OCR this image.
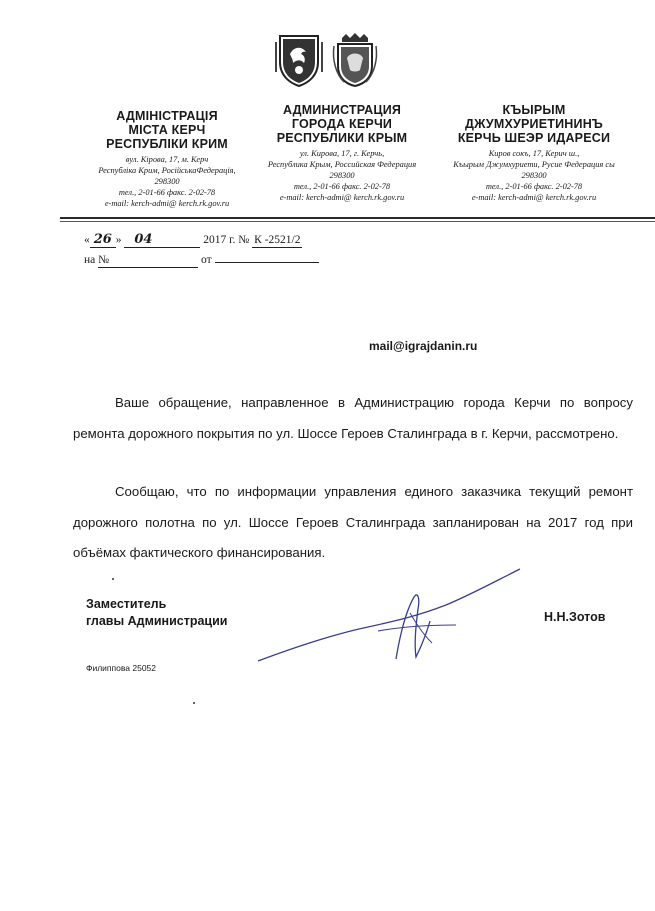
АДМІНІСТРАЦІЯ
МІСТА КЕРЧ
РЕСПУБЛІКИ КРИМ
вул. Кірова, 17, м. Керч
Республіка Крим, РосійськаФедерація,
298300
тел., 2-01-66 факс. 2-02-78
e-mail: kerch-admi@ kerch.rk.gov.ru
АДМИНИСТРАЦИЯ
ГОРОДА КЕРЧИ
РЕСПУБЛИКИ КРЫМ
ул. Кирова, 17, г. Керчь,
Республика Крым, Российская Федерация
298300
тел., 2-01-66 факс. 2-02-78
e-mail: kerch-admi@ kerch.rk.gov.ru
КЪЫРЫМ
ДЖУМХУРИЕТИНИНЪ
КЕРЧЬ ШЕЭР ИДАРЕСИ
Киров сокъ, 17, Керич ш.,
Къырым Джумхуриети, Русие Федерация сы
298300
тел., 2-01-66 факс. 2-02-78
e-mail: kerch-admi@ kerch.rk.gov.ru
« 26 » 04	2017 г. № К -2521/2
на №	от
mail@igrajdanin.ru

Ваше обращение, направленное в Администрацию города Керчи по вопросу ремонта дорожного покрытия по ул. Шоссе Героев Сталинграда в г. Керчи, рассмотрено.

Сообщаю, что по информации управления единого заказчика текущий ремонт дорожного полотна по ул. Шоссе Героев Сталинграда запланирован на 2017 год при объёмах фактического финансирования.

Заместитель
главы Администрации	Н.Н.Зотов
Филиппова 25052
